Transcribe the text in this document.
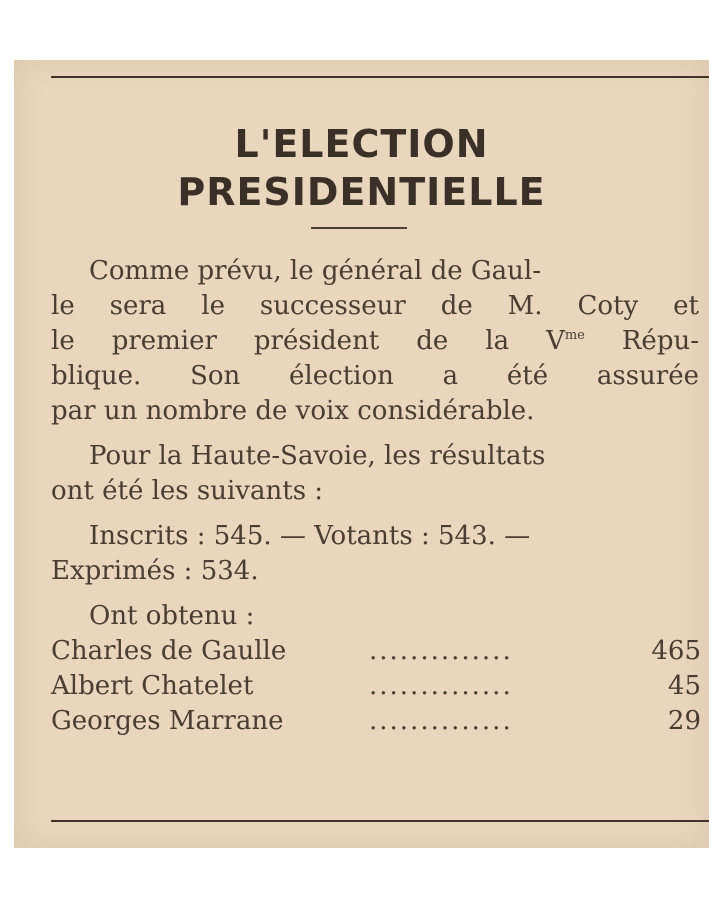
L'ELECTION
PRESIDENTIELLE
Comme prévu, le général de Gaul-
le sera le successeur de M. Coty et
le premier président de la $V^{me}$ Répu-
blique. Son élection a été assurée
par un nombre de voix considérable.
Pour la Haute-Savoie, les résultats
ont été les suivants :
Inscrits : 545. — Votants : 543. —
Exprimés : 534.
Ont obtenu :
Charles de Gaulle	..............	465
Albert Chatelet	..............	45
Georges Marrane	..............	29
